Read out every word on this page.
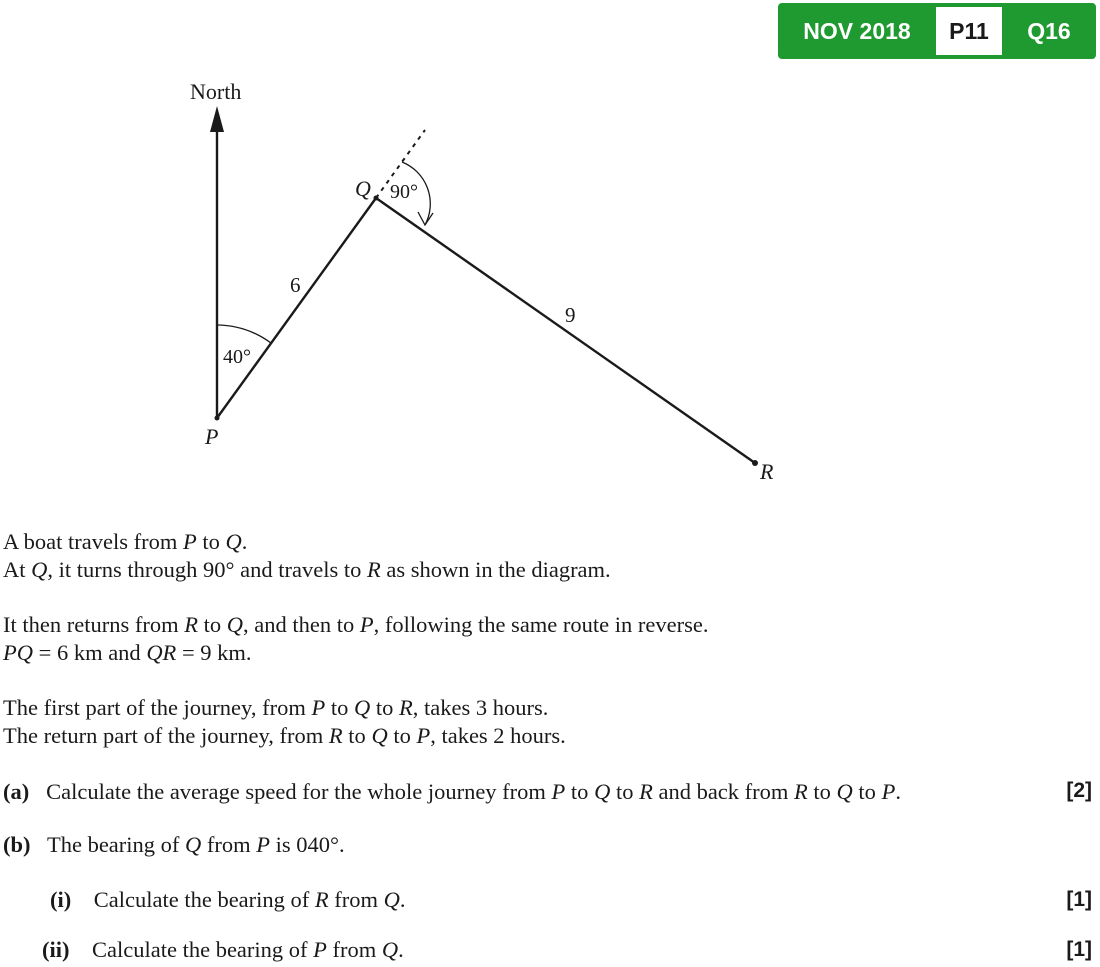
NOV 2018	P11	Q16
North
P
Q
R
6
9
40°
90°
A boat travels from P to Q.
At Q, it turns through 90° and travels to R as shown in the diagram.
It then returns from R to Q, and then to P, following the same route in reverse.
PQ = 6 km and QR = 9 km.
The first part of the journey, from P to Q to R, takes 3 hours.
The return part of the journey, from R to Q to P, takes 2 hours.
(a) Calculate the average speed for the whole journey from P to Q to R and back from R to Q to P.	[2]
(b) The bearing of Q from P is 040°.
(i) Calculate the bearing of R from Q.	[1]
(ii) Calculate the bearing of P from Q.	[1]
